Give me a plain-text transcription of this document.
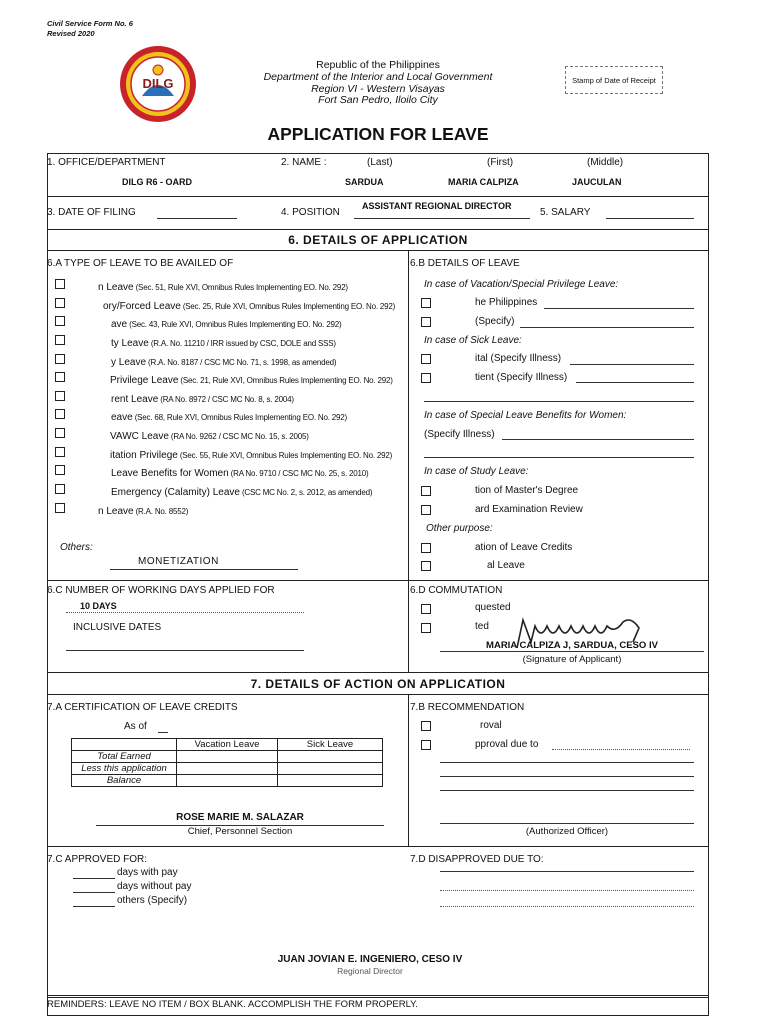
Civil Service Form No. 6
Revised 2020
DILG
Republic of the Philippines
Department of the Interior and Local Government
Region VI - Western Visayas
Fort San Pedro, Iloilo City
Stamp of Date of Receipt
APPLICATION FOR LEAVE
1. OFFICE/DEPARTMENT
DILG R6 - OARD
2. NAME :	(Last)	(First)	(Middle)
SARDUA	MARIA CALPIZA	JAUCULAN
3. DATE OF FILING	4. POSITION
ASSISTANT REGIONAL DIRECTOR
5. SALARY
6. DETAILS OF APPLICATION
6.A TYPE OF LEAVE TO BE AVAILED OF	6.B DETAILS OF LEAVE
n Leave (Sec. 51, Rule XVI, Omnibus Rules Implementing EO. No. 292)
ory/Forced Leave (Sec. 25, Rule XVI, Omnibus Rules Implementing EO. No. 292)
ave (Sec. 43, Rule XVI, Omnibus Rules Implementing EO. No. 292)
ty Leave (R.A. No. 11210 / IRR issued by CSC, DOLE and SSS)
y Leave (R.A. No. 8187 / CSC MC No. 71, s. 1998, as amended)
Privilege Leave (Sec. 21, Rule XVI, Omnibus Rules Implementing EO. No. 292)
rent Leave (RA No. 8972 / CSC MC No. 8, s. 2004)
eave (Sec. 68, Rule XVI, Omnibus Rules Implementing EO. No. 292)
VAWC Leave (RA No. 9262 / CSC MC No. 15, s. 2005)
itation Privilege (Sec. 55, Rule XVI, Omnibus Rules Implementing EO. No. 292)
Leave Benefits for Women (RA No. 9710 / CSC MC No. 25, s. 2010)
Emergency (Calamity) Leave (CSC MC No. 2, s. 2012, as amended)
n Leave (R.A. No. 8552)
Others:
MONETIZATION
In case of Vacation/Special Privilege Leave:
he Philippines
(Specify)
In case of Sick Leave:
ital (Specify Illness)
tient (Specify Illness)
In case of Special Leave Benefits for Women:
(Specify Illness)
In case of Study Leave:
tion of Master's Degree
ard Examination Review
Other purpose:
ation of Leave Credits
al Leave
6.C NUMBER OF WORKING DAYS APPLIED FOR
10 DAYS
INCLUSIVE DATES
6.D COMMUTATION
quested
ted
MARIA CALPIZA J, SARDUA, CESO IV
(Signature of Applicant)
7. DETAILS OF ACTION ON APPLICATION
7.A CERTIFICATION OF LEAVE CREDITS
As of
	Vacation Leave	Sick Leave
Total Earned		
Less this application		
Balance		
ROSE MARIE M. SALAZAR
Chief, Personnel Section
7.B RECOMMENDATION
roval
pproval due to
(Authorized Officer)
7.C APPROVED FOR:
days with pay
days without pay
others (Specify)
7.D DISAPPROVED DUE TO:
JUAN JOVIAN E. INGENIERO, CESO IV
Regional Director
REMINDERS: LEAVE NO ITEM / BOX BLANK. ACCOMPLISH THE FORM PROPERLY.
